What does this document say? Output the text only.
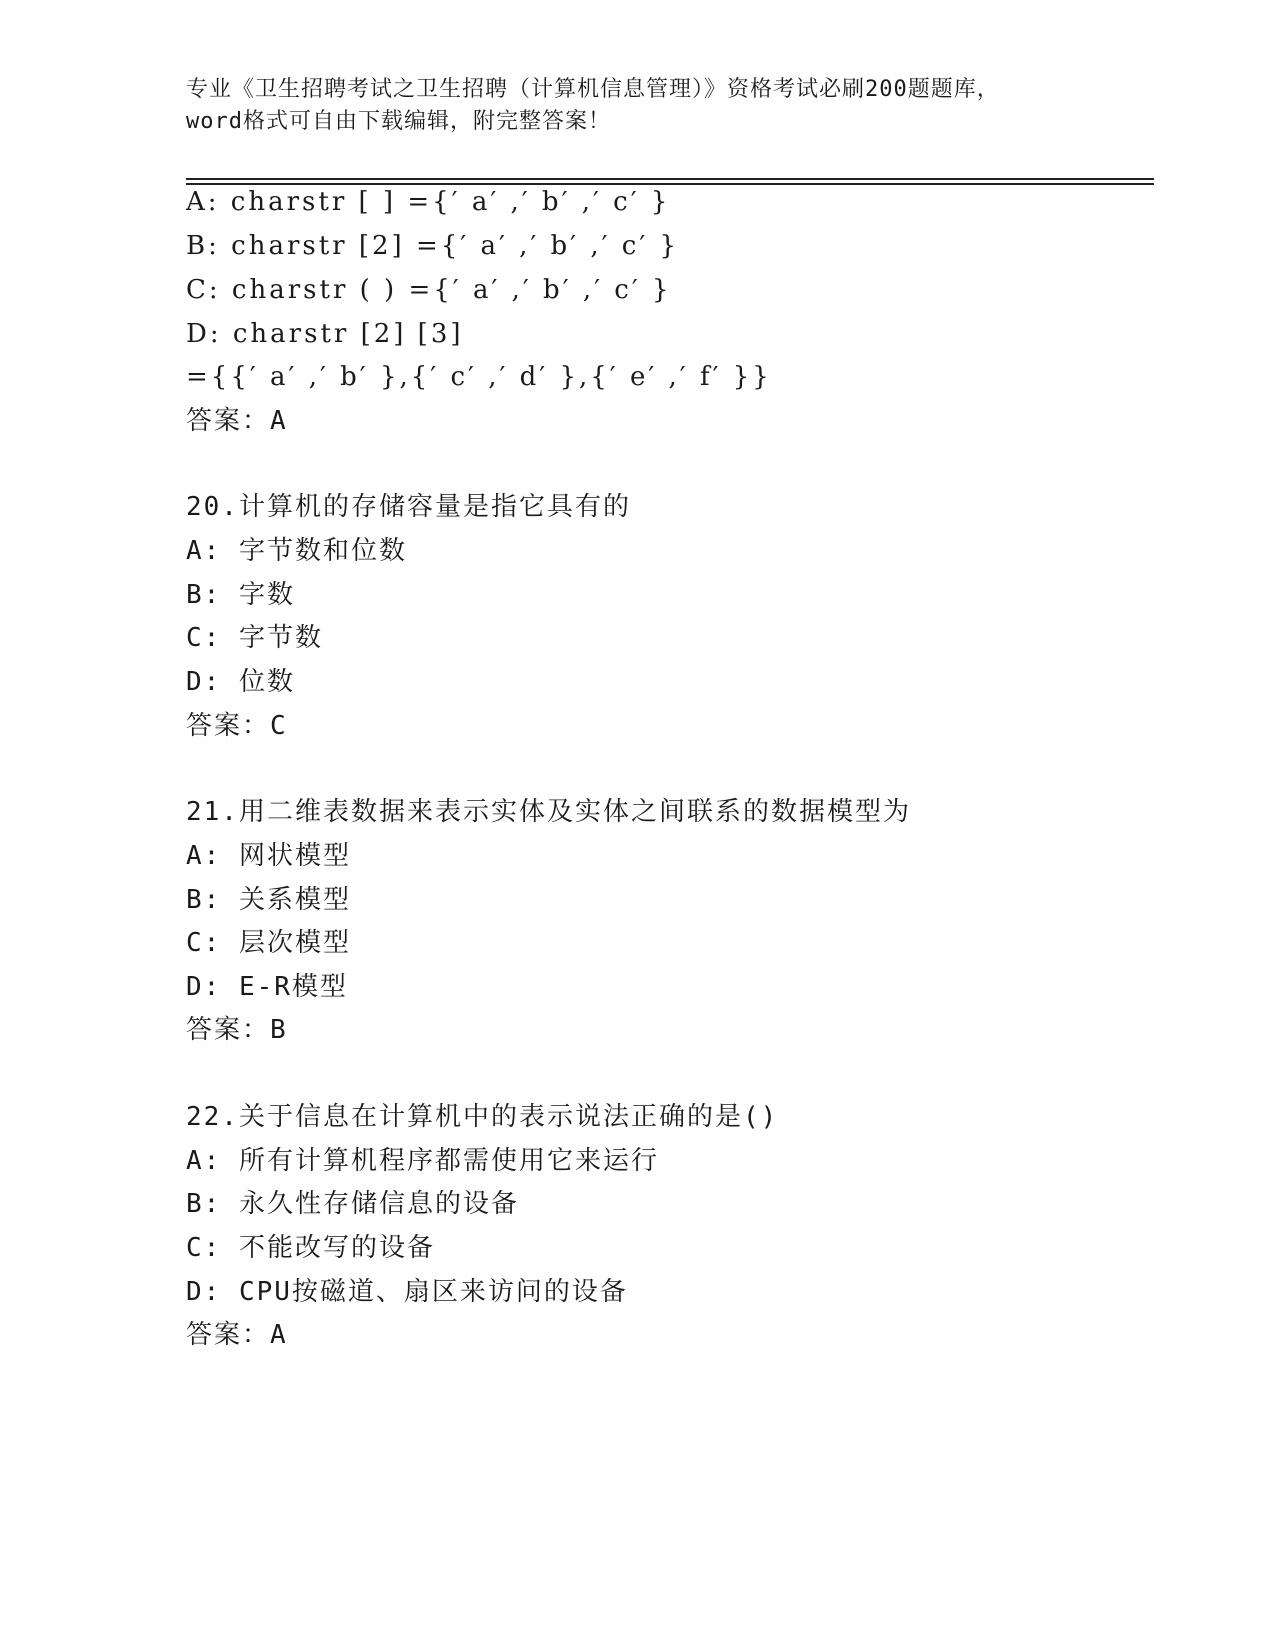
专业《卫生招聘考试之卫生招聘（计算机信息管理）》资格考试必刷200题题库，
word格式可自由下载编辑，附完整答案！
A: charstr [ ] ={′ a′ ,′ b′ ,′ c′ }
B: charstr [2] ={′ a′ ,′ b′ ,′ c′ }
C: charstr ( ) ={′ a′ ,′ b′ ,′ c′ }
D: charstr [2] [3]
={{′ a′ ,′ b′ },{′ c′ ,′ d′ },{′ e′ ,′ f′ }}
答案：A
20.计算机的存储容量是指它具有的
A: 字节数和位数
B: 字数
C: 字节数
D: 位数
答案：C
21.用二维表数据来表示实体及实体之间联系的数据模型为
A: 网状模型
B: 关系模型
C: 层次模型
D: E-R模型
答案：B
22.关于信息在计算机中的表示说法正确的是()
A: 所有计算机程序都需使用它来运行
B: 永久性存储信息的设备
C: 不能改写的设备
D: CPU按磁道、扇区来访问的设备
答案：A
